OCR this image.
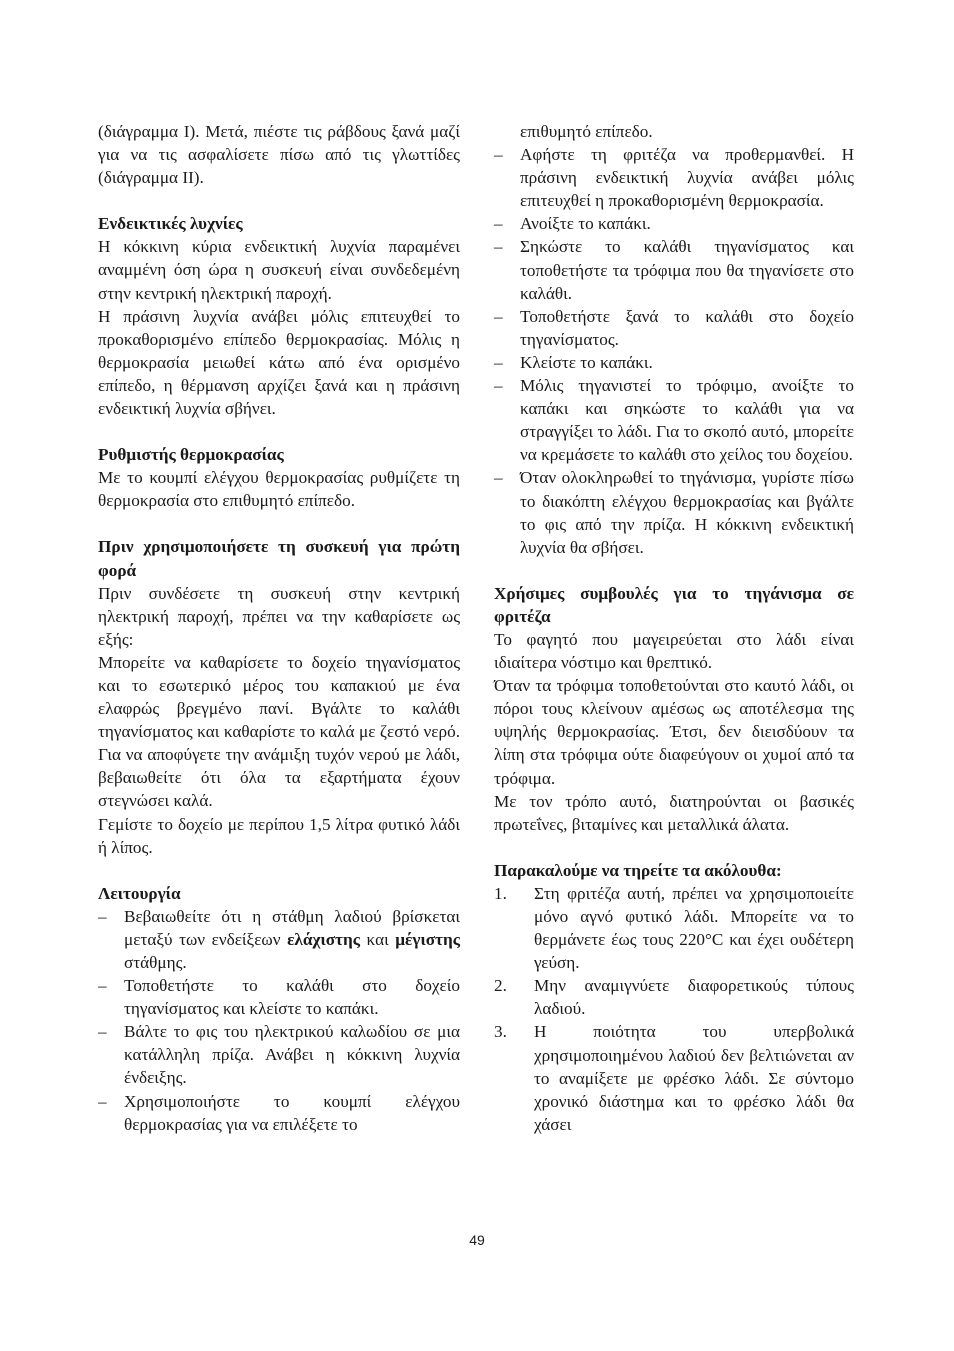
(διάγραμμα I). Μετά, πιέστε τις ράβδους ξανά μαζί για να τις ασφαλίσετε πίσω από τις γλωττίδες (διάγραμμα II).

Ενδεικτικές λυχνίες

Η κόκκινη κύρια ενδεικτική λυχνία παραμένει αναμμένη όση ώρα η συσκευή είναι συνδεδεμένη στην κεντρική ηλεκτρική παροχή.

Η πράσινη λυχνία ανάβει μόλις επιτευχθεί το προκαθορισμένο επίπεδο θερμοκρασίας. Μόλις η θερμοκρασία μειωθεί κάτω από ένα ορισμένο επίπεδο, η θέρμανση αρχίζει ξανά και η πράσινη ενδεικτική λυχνία σβήνει.

Ρυθμιστής θερμοκρασίας

Με το κουμπί ελέγχου θερμοκρασίας ρυθμίζετε τη θερμοκρασία στο επιθυμητό επίπεδο.

Πριν χρησιμοποιήσετε τη συσκευή για πρώτη φορά

Πριν συνδέσετε τη συσκευή στην κεντρική ηλεκτρική παροχή, πρέπει να την καθαρίσετε ως εξής:

Μπορείτε να καθαρίσετε το δοχείο τηγανίσματος και το εσωτερικό μέρος του καπακιού με ένα ελαφρώς βρεγμένο πανί. Βγάλτε το καλάθι τηγανίσματος και καθαρίστε το καλά με ζεστό νερό. Για να αποφύγετε την ανάμιξη τυχόν νερού με λάδι, βεβαιωθείτε ότι όλα τα εξαρτήματα έχουν στεγνώσει καλά.

Γεμίστε το δοχείο με περίπου 1,5 λίτρα φυτικό λάδι ή λίπος.

Λειτουργία

–	Βεβαιωθείτε ότι η στάθμη λαδιού βρίσκεται μεταξύ των ενδείξεων ελάχιστης και μέγιστης στάθμης.
–	Τοποθετήστε το καλάθι στο δοχείο τηγανίσματος και κλείστε το καπάκι.
–	Βάλτε το φις του ηλεκτρικού καλωδίου σε μια κατάλληλη πρίζα. Ανάβει η κόκκινη λυχνία ένδειξης.
–	Χρησιμοποιήστε το κουμπί ελέγχου θερμοκρασίας για να επιλέξετε το

επιθυμητό επίπεδο.

–	Αφήστε τη φριτέζα να προθερμανθεί. Η πράσινη ενδεικτική λυχνία ανάβει μόλις επιτευχθεί η προκαθορισμένη θερμοκρασία.
–	Ανοίξτε το καπάκι.
–	Σηκώστε το καλάθι τηγανίσματος και τοποθετήστε τα τρόφιμα που θα τηγανίσετε στο καλάθι.
–	Τοποθετήστε ξανά το καλάθι στο δοχείο τηγανίσματος.
–	Κλείστε το καπάκι.
–	Μόλις τηγανιστεί το τρόφιμο, ανοίξτε το καπάκι και σηκώστε το καλάθι για να στραγγίξει το λάδι. Για το σκοπό αυτό, μπορείτε να κρεμάσετε το καλάθι στο χείλος του δοχείου.
–	Όταν ολοκληρωθεί το τηγάνισμα, γυρίστε πίσω το διακόπτη ελέγχου θερμοκρασίας και βγάλτε το φις από την πρίζα. Η κόκκινη ενδεικτική λυχνία θα σβήσει.

Χρήσιμες συμβουλές για το τηγάνισμα σε φριτέζα

Το φαγητό που μαγειρεύεται στο λάδι είναι ιδιαίτερα νόστιμο και θρεπτικό.

Όταν τα τρόφιμα τοποθετούνται στο καυτό λάδι, οι πόροι τους κλείνουν αμέσως ως αποτέλεσμα της υψηλής θερμοκρασίας. Έτσι, δεν διεισδύουν τα λίπη στα τρόφιμα ούτε διαφεύγουν οι χυμοί από τα τρόφιμα.

Με τον τρόπο αυτό, διατηρούνται οι βασικές πρωτεΐνες, βιταμίνες και μεταλλικά άλατα.

Παρακαλούμε να τηρείτε τα ακόλουθα:

1.	Στη φριτέζα αυτή, πρέπει να χρησιμοποιείτε μόνο αγνό φυτικό λάδι. Μπορείτε να το θερμάνετε έως τους 220°C και έχει ουδέτερη γεύση.
2.	Μην αναμιγνύετε διαφορετικούς τύπους λαδιού.
3.	Η ποιότητα του υπερβολικά χρησιμοποιημένου λαδιού δεν βελτιώνεται αν το αναμίξετε με φρέσκο λάδι. Σε σύντομο χρονικό διάστημα και το φρέσκο λάδι θα χάσει
49
